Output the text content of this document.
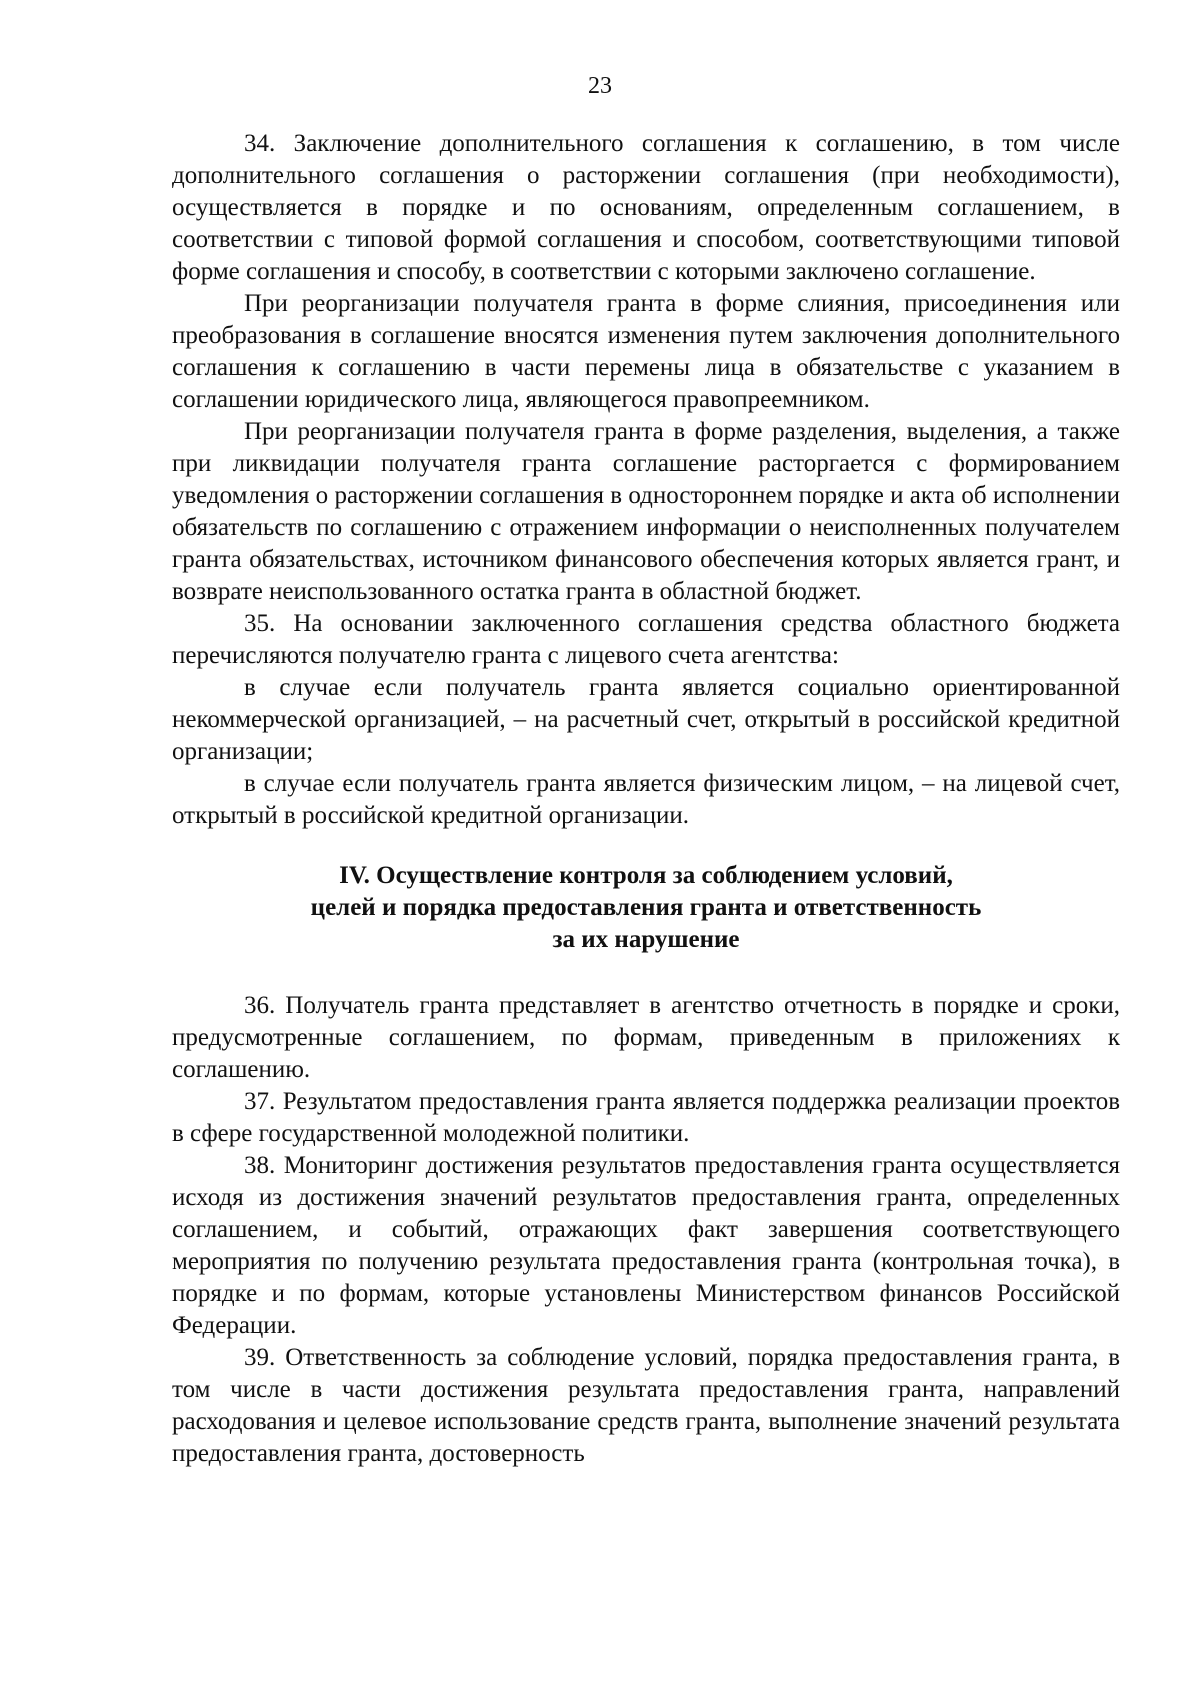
23

34. Заключение дополнительного соглашения к соглашению, в том числе дополнительного соглашения о расторжении соглашения (при необходимости), осуществляется в порядке и по основаниям, определенным соглашением, в соответствии с типовой формой соглашения и способом, соответствующими типовой форме соглашения и способу, в соответствии с которыми заключено соглашение.

При реорганизации получателя гранта в форме слияния, присоединения или преобразования в соглашение вносятся изменения путем заключения дополнительного соглашения к соглашению в части перемены лица в обязательстве с указанием в соглашении юридического лица, являющегося правопреемником.

При реорганизации получателя гранта в форме разделения, выделения, а также при ликвидации получателя гранта соглашение расторгается с формированием уведомления о расторжении соглашения в одностороннем порядке и акта об исполнении обязательств по соглашению с отражением информации о неисполненных получателем гранта обязательствах, источником финансового обеспечения которых является грант, и возврате неиспользованного остатка гранта в областной бюджет.

35. На основании заключенного соглашения средства областного бюджета перечисляются получателю гранта с лицевого счета агентства:

в случае если получатель гранта является социально ориентированной некоммерческой организацией, – на расчетный счет, открытый в российской кредитной организации;

в случае если получатель гранта является физическим лицом, – на лицевой счет, открытый в российской кредитной организации.

IV. Осуществление контроля за соблюдением условий,
целей и порядка предоставления гранта и ответственность
за их нарушение

36. Получатель гранта представляет в агентство отчетность в порядке и сроки, предусмотренные соглашением, по формам, приведенным в приложениях к соглашению.

37. Результатом предоставления гранта является поддержка реализации проектов в сфере государственной молодежной политики.

38. Мониторинг достижения результатов предоставления гранта осуществляется исходя из достижения значений результатов предоставления гранта, определенных соглашением, и событий, отражающих факт завершения соответствующего мероприятия по получению результата предоставления гранта (контрольная точка), в порядке и по формам, которые установлены Министерством финансов Российской Федерации.

39. Ответственность за соблюдение условий, порядка предоставления гранта, в том числе в части достижения результата предоставления гранта, направлений расходования и целевое использование средств гранта, выполнение значений результата предоставления гранта, достоверность
